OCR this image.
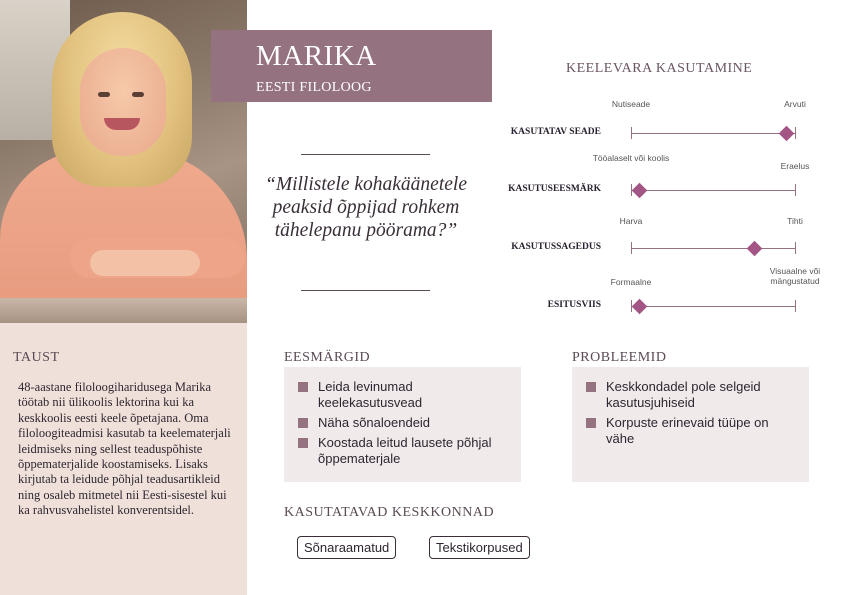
TAUST
48-aastane filoloogiharidusega Marika töötab nii ülikoolis lektorina kui ka keskkoolis eesti keele õpetajana. Oma filoloogiteadmisi kasutab ta keelematerjali leidmiseks ning sellest teaduspõhiste õppematerjalide koostamiseks. Lisaks kirjutab ta leidude põhjal teadusartikleid ning osaleb mitmetel nii Eesti-sisestel kui ka rahvusvahelistel konverentsidel.
MARIKA
EESTI FILOLOOG
“Millistele kohakäänetele peaksid õppijad rohkem tähelepanu pöörama?”
KEELEVARA KASUTAMINE
KASUTATAV SEADE
Nutiseade	Arvuti
KASUTUSEESMÄRK
Tööalaselt või koolis
Eraelus
KASUTUSSAGEDUS
Harva	Tihti
ESITUSVIIS
Formaalne
Visuaalne või mängustatud
EESMÄRGID
Leida levinumad keelekasutusvead
Näha sõnaloendeid
Koostada leitud lausete põhjal õppematerjale
PROBLEEMID
Keskkondadel pole selgeid kasutusjuhiseid
Korpuste erinevaid tüüpe on vähe
KASUTATAVAD KESKKONNAD
Sõnaraamatud	Tekstikorpused
